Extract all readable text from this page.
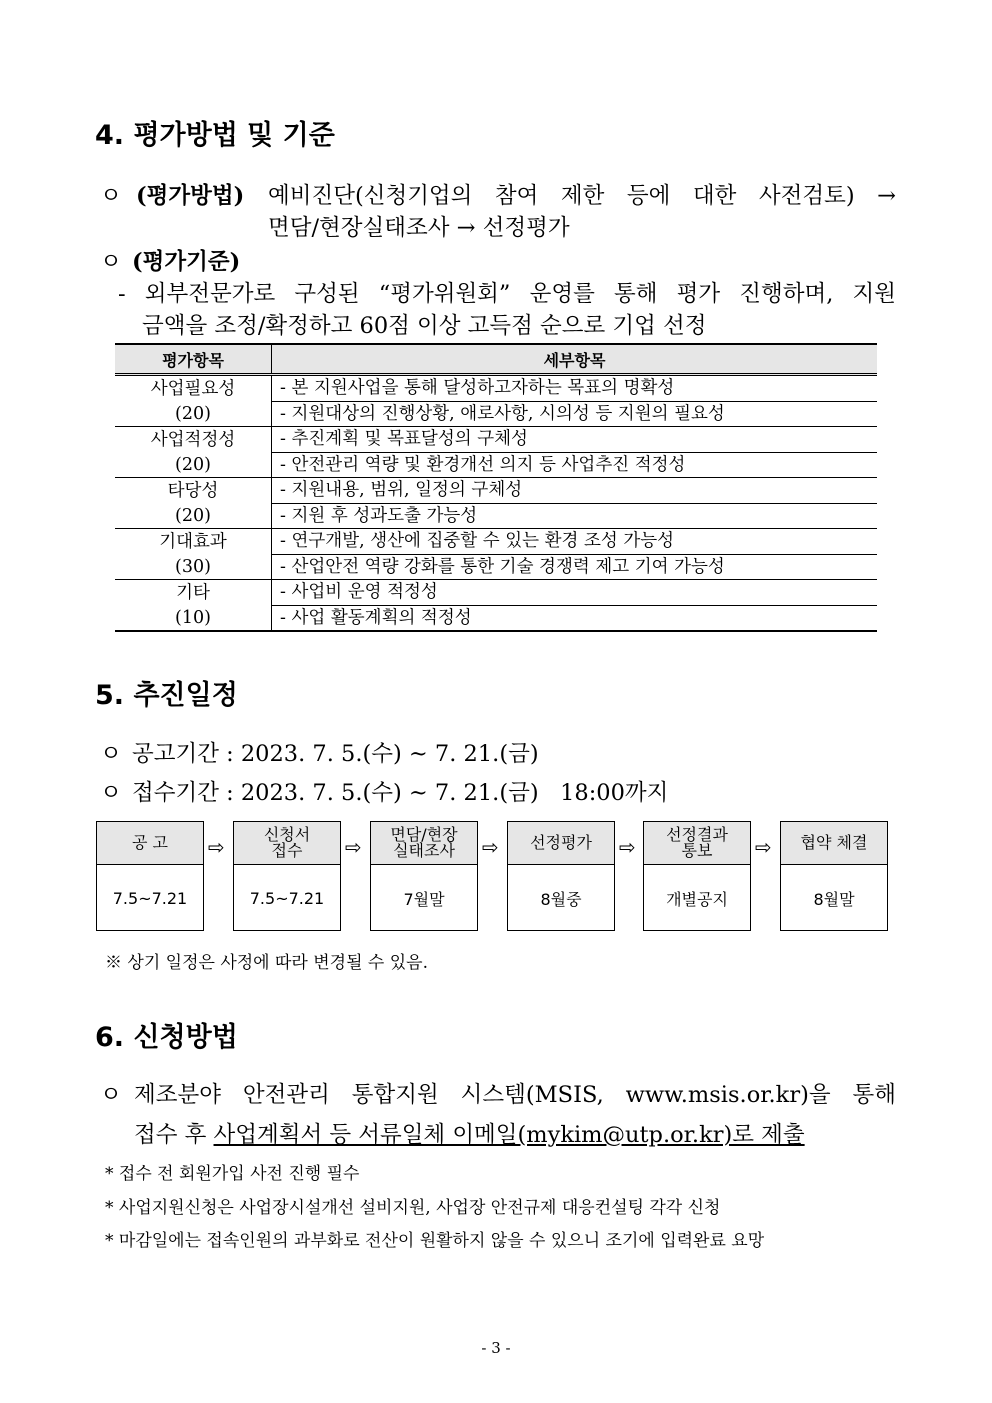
4. 평가방법 및 기준
ㅇ (평가방법) 예비진단(신청기업의 참여 제한 등에 대한 사전검토) →
면담/현장실태조사 → 선정평가
ㅇ (평가기준)
- 외부전문가로 구성된 “평가위원회” 운영를 통해 평가 진행하며, 지원
금액을 조정/확정하고 60점 이상 고득점 순으로 기업 선정
평가항목	세부항목
사업필요성	- 본 지원사업을 통해 달성하고자하는 목표의 명확성
(20)	- 지원대상의 진행상황, 애로사항, 시의성 등 지원의 필요성
사업적정성	- 추진계획 및 목표달성의 구체성
(20)	- 안전관리 역량 및 환경개선 의지 등 사업추진 적정성
타당성	- 지원내용, 범위, 일정의 구체성
(20)	- 지원 후 성과도출 가능성
기대효과	- 연구개발, 생산에 집중할 수 있는 환경 조성 가능성
(30)	- 산업안전 역량 강화를 통한 기술 경쟁력 제고 기여 가능성
기타	- 사업비 운영 적정성
(10)	- 사업 활동계획의 적정성
5. 추진일정
ㅇ 공고기간 : 2023. 7. 5.(수) ~ 7. 21.(금)
ㅇ 접수기간 : 2023. 7. 5.(수) ~ 7. 21.(금)   18:00까지
공 고
7.5~7.21
⇨
신청서
접수
7.5~7.21
⇨
면담/현장
실태조사
7월말
⇨	선정평가
8월중
⇨
선정결과
통보
개별공지
⇨	협약 체결
8월말
※ 상기 일정은 사정에 따라 변경될 수 있음.
6. 신청방법
ㅇ 제조분야 안전관리 통합지원 시스템(MSIS, www.msis.or.kr)을 통해
접수 후 사업계획서 등 서류일체 이메일(mykim@utp.or.kr)로 제출
* 접수 전 회원가입 사전 진행 필수
* 사업지원신청은 사업장시설개선 설비지원, 사업장 안전규제 대응컨설팅 각각 신청
* 마감일에는 접속인원의 과부화로 전산이 원활하지 않을 수 있으니 조기에 입력완료 요망
- 3 -
